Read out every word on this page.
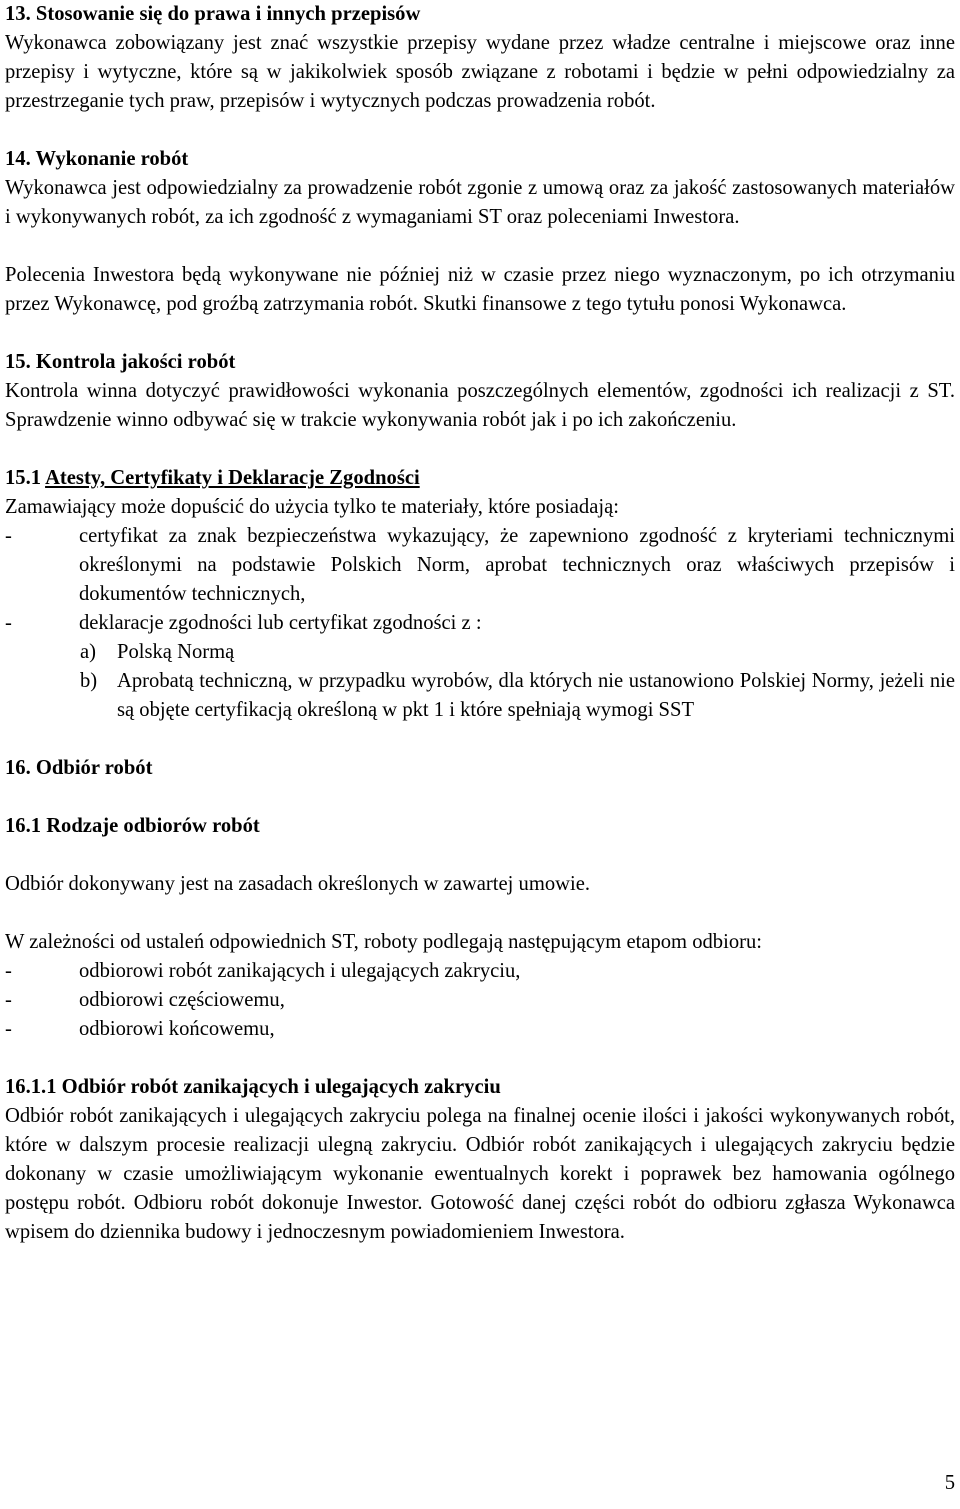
13. Stosowanie się do prawa i innych przepisów

Wykonawca zobowiązany jest znać wszystkie przepisy wydane przez władze centralne i miejscowe oraz inne przepisy i wytyczne, które są w jakikolwiek sposób związane z robotami i będzie w pełni odpowiedzialny za przestrzeganie tych praw, przepisów i wytycznych podczas prowadzenia robót.

14. Wykonanie robót

Wykonawca jest odpowiedzialny za prowadzenie robót zgonie z umową oraz za jakość zastosowanych materiałów i wykonywanych robót, za ich zgodność z wymaganiami ST oraz poleceniami Inwestora.

Polecenia Inwestora będą wykonywane nie później niż w czasie przez niego wyznaczonym, po ich otrzymaniu przez Wykonawcę, pod groźbą zatrzymania robót. Skutki finansowe z tego tytułu ponosi Wykonawca.

15. Kontrola jakości robót

Kontrola winna dotyczyć prawidłowości wykonania poszczególnych elementów, zgodności ich realizacji z ST. Sprawdzenie winno odbywać się w trakcie wykonywania robót jak i po ich zakończeniu.

15.1 Atesty, Certyfikaty i Deklaracje Zgodności

Zamawiający może dopuścić do użycia tylko te materiały, które posiadają:

-	certyfikat za znak bezpieczeństwa wykazujący, że zapewniono zgodność z kryteriami technicznymi określonymi na podstawie Polskich Norm, aprobat technicznych oraz właściwych przepisów i dokumentów technicznych,
-	deklaracje zgodności lub certyfikat zgodności z :
a) Polską Normą
b) Aprobatą techniczną, w przypadku wyrobów, dla których nie ustanowiono Polskiej Normy, jeżeli nie są objęte certyfikacją określoną w pkt 1 i które spełniają wymogi SST

16. Odbiór robót

16.1 Rodzaje odbiorów robót

Odbiór dokonywany jest na zasadach określonych w zawartej umowie.

W zależności od ustaleń odpowiednich ST, roboty podlegają następującym etapom odbioru:

-	odbiorowi robót zanikających i ulegających zakryciu,
-	odbiorowi częściowemu,
-	odbiorowi końcowemu,

16.1.1 Odbiór robót zanikających i ulegających zakryciu

Odbiór robót zanikających i ulegających zakryciu polega na finalnej ocenie ilości i jakości wykonywanych robót, które w dalszym procesie realizacji ulegną zakryciu. Odbiór robót zanikających i ulegających zakryciu będzie dokonany w czasie umożliwiającym wykonanie ewentualnych korekt i poprawek bez hamowania ogólnego postępu robót. Odbioru robót dokonuje Inwestor. Gotowość danej części robót do odbioru zgłasza Wykonawca wpisem do dziennika budowy i jednoczesnym powiadomieniem Inwestora.

5
